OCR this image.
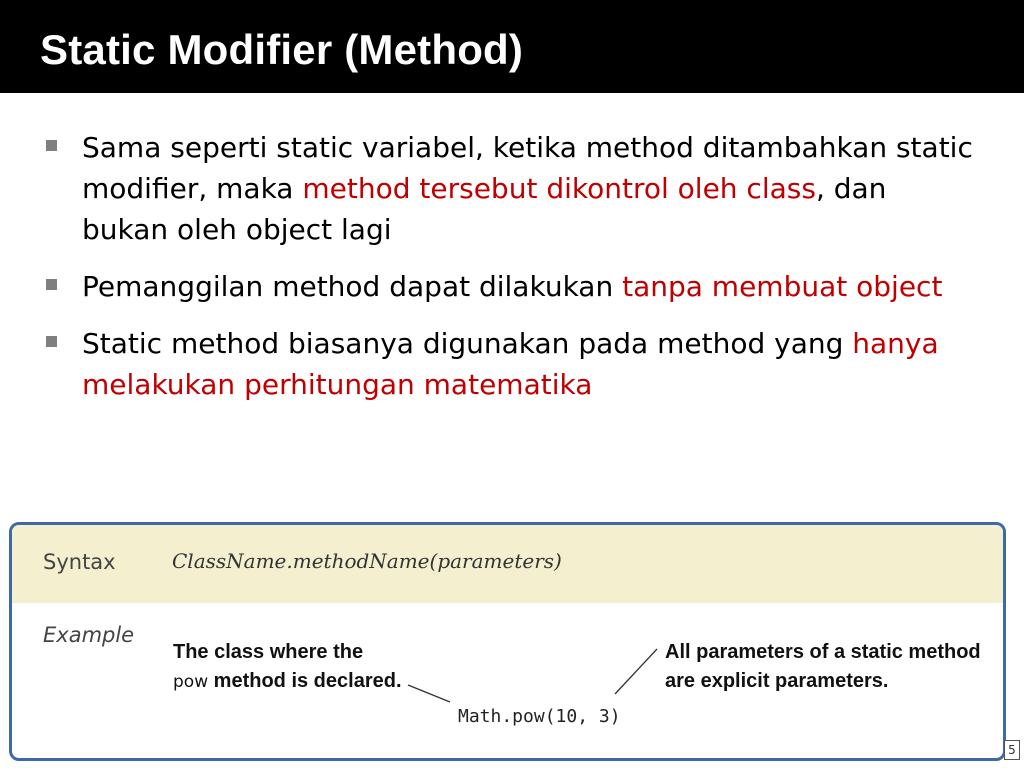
Static Modifier (Method)
Sama seperti static variabel, ketika method ditambahkan static modifier, maka method tersebut dikontrol oleh class, dan bukan oleh object lagi
Pemanggilan method dapat dilakukan tanpa membuat object
Static method biasanya digunakan pada method yang hanya melakukan perhitungan matematika
Syntax	ClassName.methodName(parameters)
Example
The class where the
pow method is declared.
All parameters of a static method
are explicit parameters.
Math.pow(10, 3)
5
